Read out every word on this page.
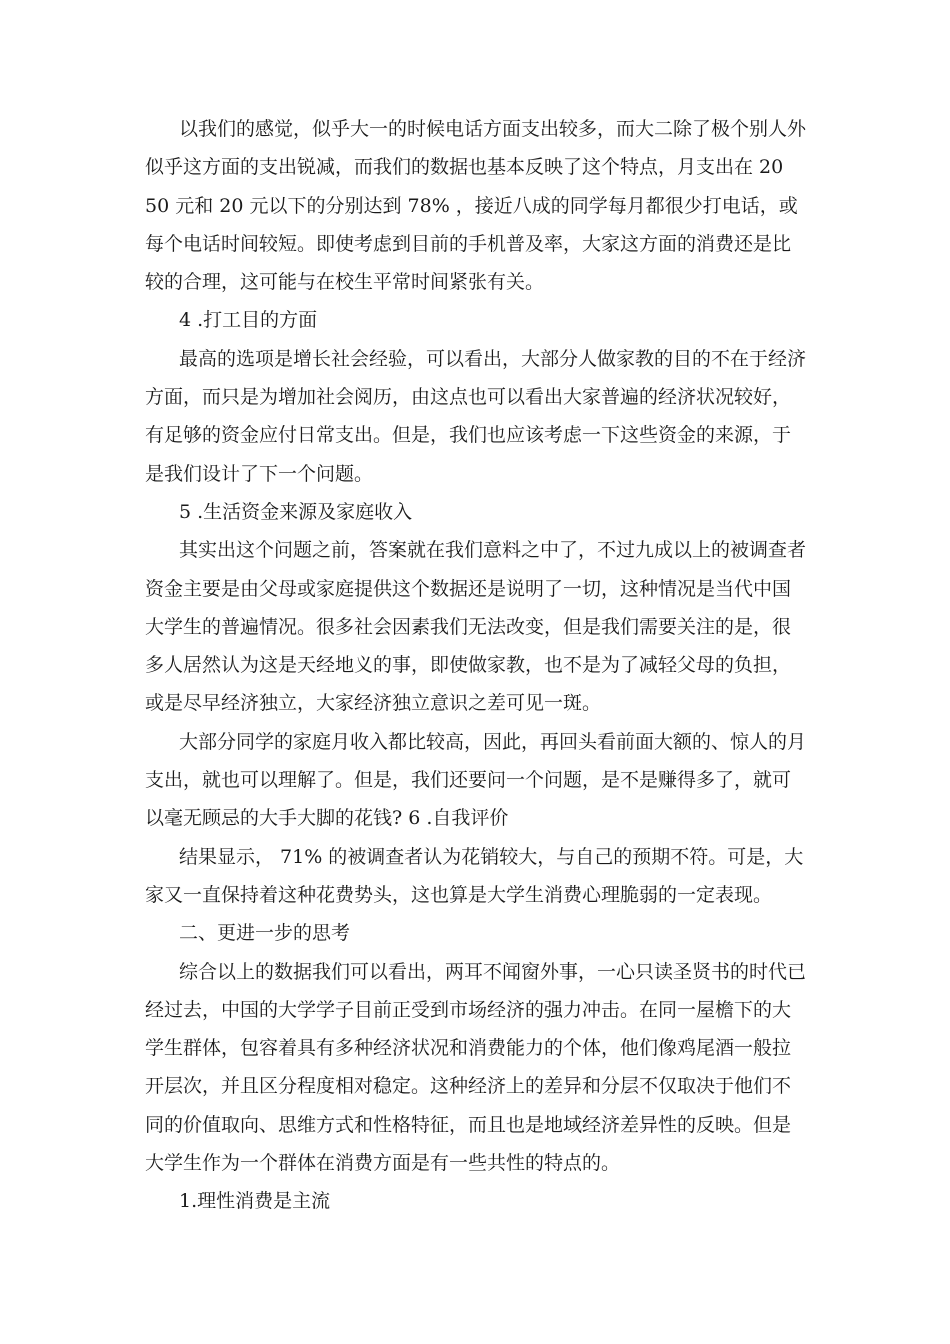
以我们的感觉，似乎大一的时候电话方面支出较多，而大二除了极个别人外
似乎这方面的支出锐减，而我们的数据也基本反映了这个特点，月支出在 20
50 元和 20 元以下的分别达到 78% ，接近八成的同学每月都很少打电话，或
每个电话时间较短。即使考虑到目前的手机普及率，大家这方面的消费还是比
较的合理，这可能与在校生平常时间紧张有关。
4 .打工目的方面
最高的选项是增长社会经验，可以看出，大部分人做家教的目的不在于经济
方面，而只是为增加社会阅历，由这点也可以看出大家普遍的经济状况较好，
有足够的资金应付日常支出。但是，我们也应该考虑一下这些资金的来源，于
是我们设计了下一个问题。
5 .生活资金来源及家庭收入
其实出这个问题之前，答案就在我们意料之中了，不过九成以上的被调查者
资金主要是由父母或家庭提供这个数据还是说明了一切，这种情况是当代中国
大学生的普遍情况。很多社会因素我们无法改变，但是我们需要关注的是，很
多人居然认为这是天经地义的事，即使做家教，也不是为了减轻父母的负担，
或是尽早经济独立，大家经济独立意识之差可见一斑。
大部分同学的家庭月收入都比较高，因此，再回头看前面大额的、惊人的月
支出，就也可以理解了。但是，我们还要问一个问题，是不是赚得多了，就可
以毫无顾忌的大手大脚的花钱? 6 .自我评价
结果显示， 71% 的被调查者认为花销较大，与自己的预期不符。可是，大
家又一直保持着这种花费势头，这也算是大学生消费心理脆弱的一定表现。
二、更进一步的思考
综合以上的数据我们可以看出，两耳不闻窗外事，一心只读圣贤书的时代已
经过去，中国的大学学子目前正受到市场经济的强力冲击。在同一屋檐下的大
学生群体，包容着具有多种经济状况和消费能力的个体，他们像鸡尾酒一般拉
开层次，并且区分程度相对稳定。这种经济上的差异和分层不仅取决于他们不
同的价值取向、思维方式和性格特征，而且也是地域经济差异性的反映。但是
大学生作为一个群体在消费方面是有一些共性的特点的。
1.理性消费是主流
